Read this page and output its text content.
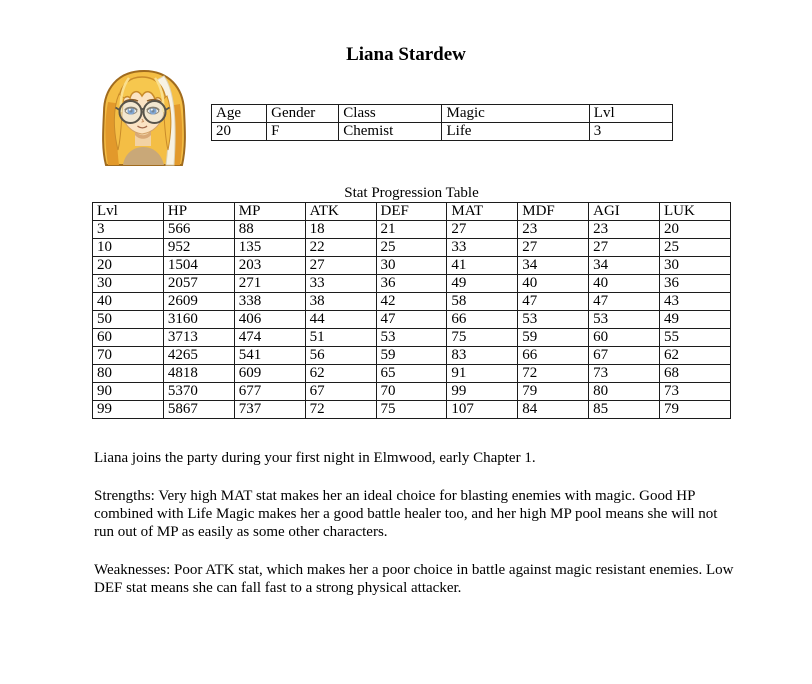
Liana Stardew
Age	Gender	Class	Magic	Lvl
20	F	Chemist	Life	3
Stat Progression Table
Lvl	HP	MP	ATK	DEF	MAT	MDF	AGI	LUK
3	566	88	18	21	27	23	23	20
10	952	135	22	25	33	27	27	25
20	1504	203	27	30	41	34	34	30
30	2057	271	33	36	49	40	40	36
40	2609	338	38	42	58	47	47	43
50	3160	406	44	47	66	53	53	49
60	3713	474	51	53	75	59	60	55
70	4265	541	56	59	83	66	67	62
80	4818	609	62	65	91	72	73	68
90	5370	677	67	70	99	79	80	73
99	5867	737	72	75	107	84	85	79

Liana joins the party during your first night in Elmwood, early Chapter 1.

Strengths: Very high MAT stat makes her an ideal choice for blasting enemies with magic. Good HP combined with Life Magic makes her a good battle healer too, and her high MP pool means she will not run out of MP as easily as some other characters.

Weaknesses: Poor ATK stat, which makes her a poor choice in battle against magic resistant enemies. Low DEF stat means she can fall fast to a strong physical attacker.
